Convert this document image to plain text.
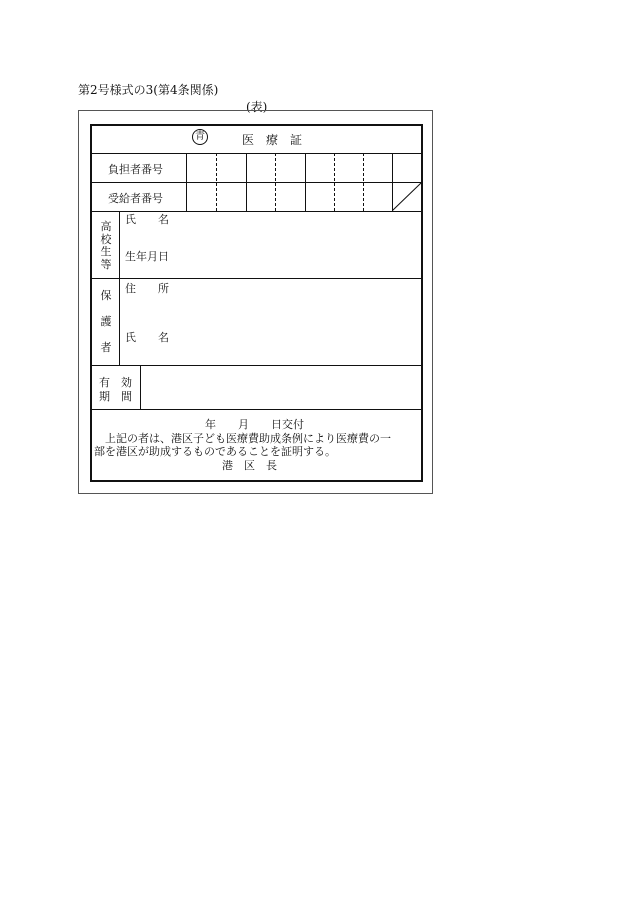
第2号様式の3(第4条関係)
(表)
青	医　療　証
負担者番号
受給者番号
高校生等
氏　　名
生年月日
保護者
住　　所
氏　　名
有　効
期　間
年　　月　　日交付
　上記の者は、港区子ども医療費助成条例により医療費の一
部を港区が助成するものであることを証明する。
港　区　長
